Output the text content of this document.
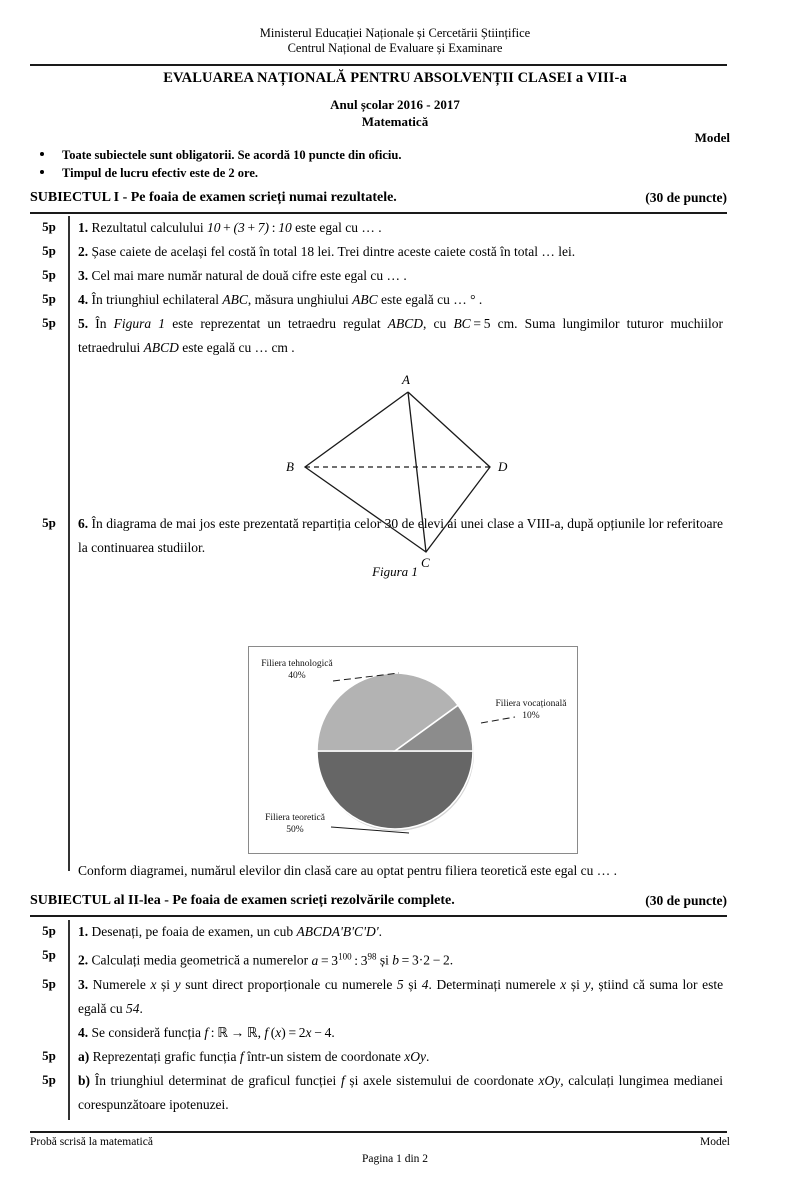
Ministerul Educației Naționale și Cercetării Științifice
Centrul Național de Evaluare și Examinare
EVALUAREA NAȚIONALĂ PENTRU ABSOLVENȚII CLASEI a VIII-a
Anul școlar 2016 - 2017
Matematică
Model
Toate subiectele sunt obligatorii. Se acordă 10 puncte din oficiu.
Timpul de lucru efectiv este de 2 ore.
SUBIECTUL I - Pe foaia de examen scrieți numai rezultatele.	(30 de puncte)
5p	1. Rezultatul calculului 10 + (3 + 7) : 10 este egal cu … .
5p	2. Șase caiete de același fel costă în total 18 lei. Trei dintre aceste caiete costă în total … lei.
5p	3. Cel mai mare număr natural de două cifre este egal cu … .
5p	4. În triunghiul echilateral ABC, măsura unghiului ABC este egală cu … ° .
5p	5. În Figura 1 este reprezentat un tetraedru regulat ABCD, cu BC = 5 cm. Suma lungimilor tuturor muchiilor tetraedrului ABCD este egală cu … cm .
A
B	D
C
Figura 1
5p	6. În diagrama de mai jos este prezentată repartiția celor 30 de elevi ai unei clase a VIII-a, după opțiunile lor referitoare la continuarea studiilor.
Filiera tehnologică
40%
Filiera vocațională
10%
Filiera teoretică
50%
Conform diagramei, numărul elevilor din clasă care au optat pentru filiera teoretică este egal cu … .
SUBIECTUL al II-lea - Pe foaia de examen scrieți rezolvările complete.	(30 de puncte)
5p	1. Desenați, pe foaia de examen, un cub ABCDA'B'C'D'.
5p	2. Calculați media geometrică a numerelor $a = 3^{100}$ : $3^{98}$ și b = 3·2 − 2.
5p	3. Numerele x și y sunt direct proporționale cu numerele 5 și 4. Determinați numerele x și y, știind că suma lor este egală cu 54.
4. Se consideră funcția f : ℝ → ℝ, f (x) = 2x − 4.
5p	a) Reprezentați grafic funcția f într-un sistem de coordonate xOy.
5p	b) În triunghiul determinat de graficul funcției f și axele sistemului de coordonate xOy, calculați lungimea medianei corespunzătoare ipotenuzei.
Probă scrisă la matematică	Model
Pagina 1 din 2
